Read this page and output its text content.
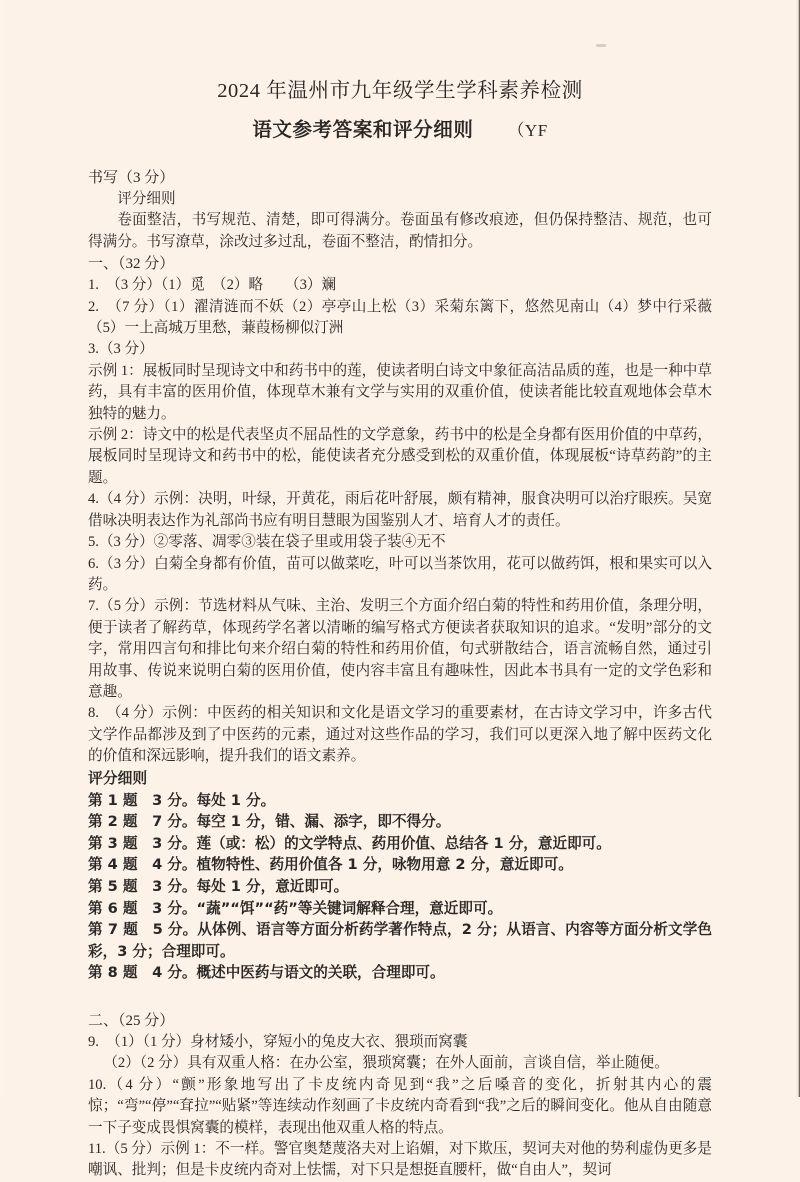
2024 年温州市九年级学生学科素养检测
语文参考答案和评分细则 （YF
书写（3 分）
评分细则
卷面整洁，书写规范、清楚，即可得满分。卷面虽有修改痕迹，但仍保持整洁、规范，也可得满分。书写潦草，涂改过多过乱，卷面不整洁，酌情扣分。
一、（32 分）
1.　（3 分）（1）觅　（2）略　　（3）斓
2.　（7 分）（1）濯清涟而不妖（2）亭亭山上松（3）采菊东篱下，悠然见南山（4）梦中行采薇（5）一上高城万里愁，蒹葭杨柳似汀洲
3.（3 分）
示例 1：展板同时呈现诗文中和药书中的莲，使读者明白诗文中象征高洁品质的莲，也是一种中草药，具有丰富的医用价值，体现草木兼有文学与实用的双重价值，使读者能比较直观地体会草木独特的魅力。
示例 2：诗文中的松是代表坚贞不屈品性的文学意象，药书中的松是全身都有医用价值的中草药，展板同时呈现诗文和药书中的松，能使读者充分感受到松的双重价值，体现展板“诗草药韵”的主题。
4.（4 分）示例：决明，叶绿，开黄花，雨后花叶舒展，颇有精神，服食决明可以治疗眼疾。吴宽借咏决明表达作为礼部尚书应有明目慧眼为国鉴别人才、培育人才的责任。
5.（3 分）②零落、凋零③装在袋子里或用袋子装④无不
6.（3 分）白菊全身都有价值，苗可以做菜吃，叶可以当茶饮用，花可以做药饵，根和果实可以入药。
7.（5 分）示例：节选材料从气味、主治、发明三个方面介绍白菊的特性和药用价值，条理分明，便于读者了解药草，体现药学名著以清晰的编写格式方便读者获取知识的追求。“发明”部分的文字，常用四言句和排比句来介绍白菊的特性和药用价值，句式骈散结合，语言流畅自然，通过引用故事、传说来说明白菊的医用价值，使内容丰富且有趣味性，因此本书具有一定的文学色彩和意趣。
8.　（4 分）示例：中医药的相关知识和文化是语文学习的重要素材，在古诗文学习中，许多古代文学作品都涉及到了中医药的元素，通过对这些作品的学习，我们可以更深入地了解中医药文化的价值和深远影响，提升我们的语文素养。
评分细则
第 1 题　3 分。每处 1 分。
第 2 题　7 分。每空 1 分，错、漏、添字，即不得分。
第 3 题　3 分。莲（或：松）的文学特点、药用价值、总结各 1 分，意近即可。
第 4 题　4 分。植物特性、药用价值各 1 分，咏物用意 2 分，意近即可。
第 5 题　3 分。每处 1 分，意近即可。
第 6 题　3 分。“蔬”“饵”“药”等关键词解释合理，意近即可。
第 7 题　5 分。从体例、语言等方面分析药学著作特点，2 分；从语言、内容等方面分析文学色彩，3 分；合理即可。
第 8 题　4 分。概述中医药与语文的关联，合理即可。
二、（25 分）
9.　（1）（1 分）身材矮小，穿短小的兔皮大衣、猥琐而窝囊
（2）（2 分）具有双重人格：在办公室，猥琐窝囊；在外人面前，言谈自信，举止随便。
10.（4 分）“颤”形象地写出了卡皮统内奇见到“我”之后嗓音的变化，折射其内心的震惊；“弯”“停”“耷拉”“贴紧”等连续动作刻画了卡皮统内奇看到“我”之后的瞬间变化。他从自由随意一下子变成畏惧窝囊的模样，表现出他双重人格的特点。
11.（5 分）示例 1：不一样。警官奥楚蔑洛夫对上谄媚，对下欺压，契诃夫对他的势利虚伪更多是嘲讽、批判；但是卡皮统内奇对上怯懦，对下只是想挺直腰杆，做“自由人”，契诃
